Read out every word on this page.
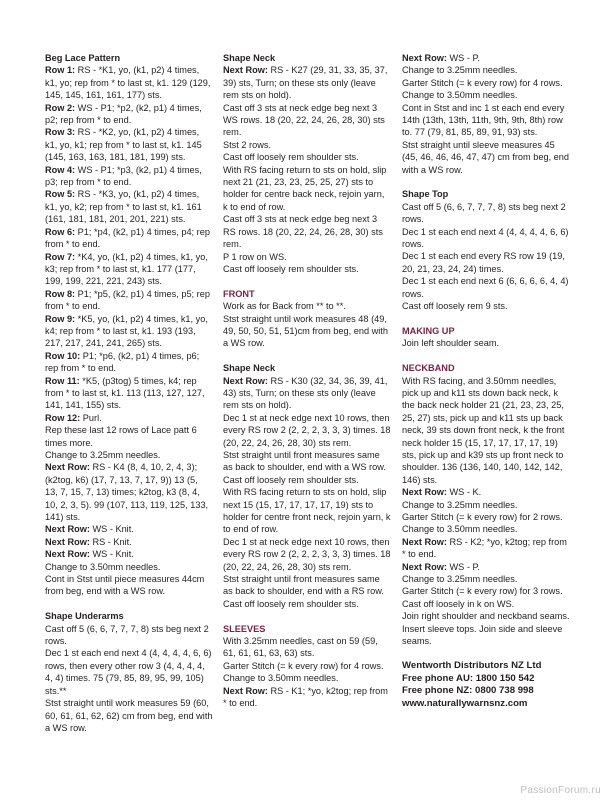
Beg Lace Pattern

Row 1: RS - *K1, yo, (k1, p2) 4 times, k1, yo; rep from * to last st, k1. 129 (129, 145, 145, 161, 161, 177) sts.

Row 2: WS - P1; *p2, (k2, p1) 4 times, p2; rep from * to end.

Row 3: RS - *K2, yo, (k1, p2) 4 times, k1, yo, k1; rep from * to last st, k1. 145 (145, 163, 163, 181, 181, 199) sts.

Row 4: WS - P1; *p3, (k2, p1) 4 times, p3; rep from * to end.

Row 5: RS - *K3, yo, (k1, p2) 4 times, k1, yo, k2; rep from * to last st, k1. 161 (161, 181, 181, 201, 201, 221) sts.

Row 6: P1; *p4, (k2, p1) 4 times, p4; rep from * to end.

Row 7: *K4, yo, (k1, p2) 4 times, k1, yo, k3; rep from * to last st, k1. 177 (177, 199, 199, 221, 221, 243) sts.

Row 8: P1; *p5, (k2, p1) 4 times, p5; rep from * to end.

Row 9: *K5, yo, (k1, p2) 4 times, k1, yo, k4; rep from * to last st, k1. 193 (193, 217, 217, 241, 241, 265) sts.

Row 10: P1; *p6, (k2, p1) 4 times, p6; rep from * to end.

Row 11: *K5, (p3tog) 5 times, k4; rep from * to last st, k1. 113 (113, 127, 127, 141, 141, 155) sts.

Row 12: Purl.

Rep these last 12 rows of Lace patt 6 times more.

Change to 3.25mm needles.

Next Row: RS - K4 (8, 4, 10, 2, 4, 3); (k2tog, k6) (17, 7, 13, 7, 17, 9)) 13 (5, 13, 7, 15, 7, 13) times; k2tog, k3 (8, 4, 10, 2, 3, 5). 99 (107, 113, 119, 125, 133, 141) sts.

Next Row: WS - Knit.

Next Row: RS - Knit.

Next Row: WS - Knit.

Change to 3.50mm needles.

Cont in Stst until piece measures 44cm from beg, end with a WS row.

Shape Underarms

Cast off 5 (6, 6, 7, 7, 7, 8) sts beg next 2 rows.

Dec 1 st each end next 4 (4, 4, 4, 4, 6, 6) rows, then every other row 3 (4, 4, 4, 4, 4, 4) times. 75 (79, 85, 89, 95, 99, 105) sts.**

Stst straight until work measures 59 (60, 60, 61, 61, 62, 62) cm from beg, end with a WS row.

Shape Neck

Next Row: RS - K27 (29, 31, 33, 35, 37, 39) sts, Turn; on these sts only (leave rem sts on hold).

Cast off 3 sts at neck edge beg next 3 WS rows. 18 (20, 22, 24, 26, 28, 30) sts rem.

Stst 2 rows.

Cast off loosely rem shoulder sts.

With RS facing return to sts on hold, slip next 21 (21, 23, 23, 25, 25, 27) sts to holder for centre back neck, rejoin yarn, k to end of row.

Cast off 3 sts at neck edge beg next 3 RS rows. 18 (20, 22, 24, 26, 28, 30) sts rem.

P 1 row on WS.

Cast off loosely rem shoulder sts.

FRONT

Work as for Back from ** to **.

Stst straight until work measures 48 (49, 49, 50, 50, 51, 51)cm from beg, end with a WS row.

Shape Neck

Next Row: RS - K30 (32, 34, 36, 39, 41, 43) sts, Turn; on these sts only (leave rem sts on hold).

Dec 1 st at neck edge next 10 rows, then every RS row 2 (2, 2, 2, 3, 3, 3) times. 18 (20, 22, 24, 26, 28, 30) sts rem.

Stst straight until front measures same as back to shoulder, end with a WS row.

Cast off loosely rem shoulder sts.

With RS facing return to sts on hold, slip next 15 (15, 17, 17, 17, 17, 19) sts to holder for centre front neck, rejoin yarn, k to end of row.

Dec 1 st at neck edge next 10 rows, then every RS row 2 (2, 2, 2, 3, 3, 3) times. 18 (20, 22, 24, 26, 28, 30) sts rem.

Stst straight until front measures same as back to shoulder, end with a RS row.

Cast off loosely rem shoulder sts.

SLEEVES

With 3.25mm needles, cast on 59 (59, 61, 61, 61, 63, 63) sts.

Garter Stitch (= k every row) for 4 rows.

Change to 3.50mm needles.

Next Row: RS - K1; *yo, k2tog; rep from * to end.

Next Row: WS - P.

Change to 3.25mm needles.

Garter Stitch (= k every row) for 4 rows.

Change to 3.50mm needles.

Cont in Stst and inc 1 st each end every 14th (13th, 13th, 11th, 9th, 9th, 8th) row to. 77 (79, 81, 85, 89, 91, 93) sts.

Stst straight until sleeve measures 45 (45, 46, 46, 46, 47, 47) cm from beg, end with a WS row.

Shape Top

Cast off 5 (6, 6, 7, 7, 7, 8) sts beg next 2 rows.

Dec 1 st each end next 4 (4, 4, 4, 4, 6, 6) rows.

Dec 1 st each end every RS row 19 (19, 20, 21, 23, 24, 24) times.

Dec 1 st each end next 6 (6, 6, 6, 6, 4, 4) rows.

Cast off loosely rem 9 sts.

MAKING UP

Join left shoulder seam.

NECKBAND

With RS facing, and 3.50mm needles, pick up and k11 sts down back neck, k the back neck holder 21 (21, 23, 23, 25, 25, 27) sts, pick up and k11 sts up back neck, 39 sts down front neck, k the front neck holder 15 (15, 17, 17, 17, 17, 19) sts, pick up and k39 sts up front neck to shoulder. 136 (136, 140, 140, 142, 142, 146) sts.

Next Row: WS - K.

Change to 3.25mm needles.

Garter Stitch (= k every row) for 2 rows.

Change to 3.50mm needles.

Next Row: RS - K2; *yo, k2tog; rep from * to end.

Next Row: WS - P.

Change to 3.25mm needles.

Garter Stitch (= k every row) for 3 rows.

Cast off loosely in k on WS.

Join right shoulder and neckband seams. Insert sleeve tops. Join side and sleeve seams.

Wentworth Distributors NZ Ltd
Free phone AU: 1800 150 542
Free phone NZ: 0800 738 998
www.naturallywarnsnz.com
PassionForum.ru
